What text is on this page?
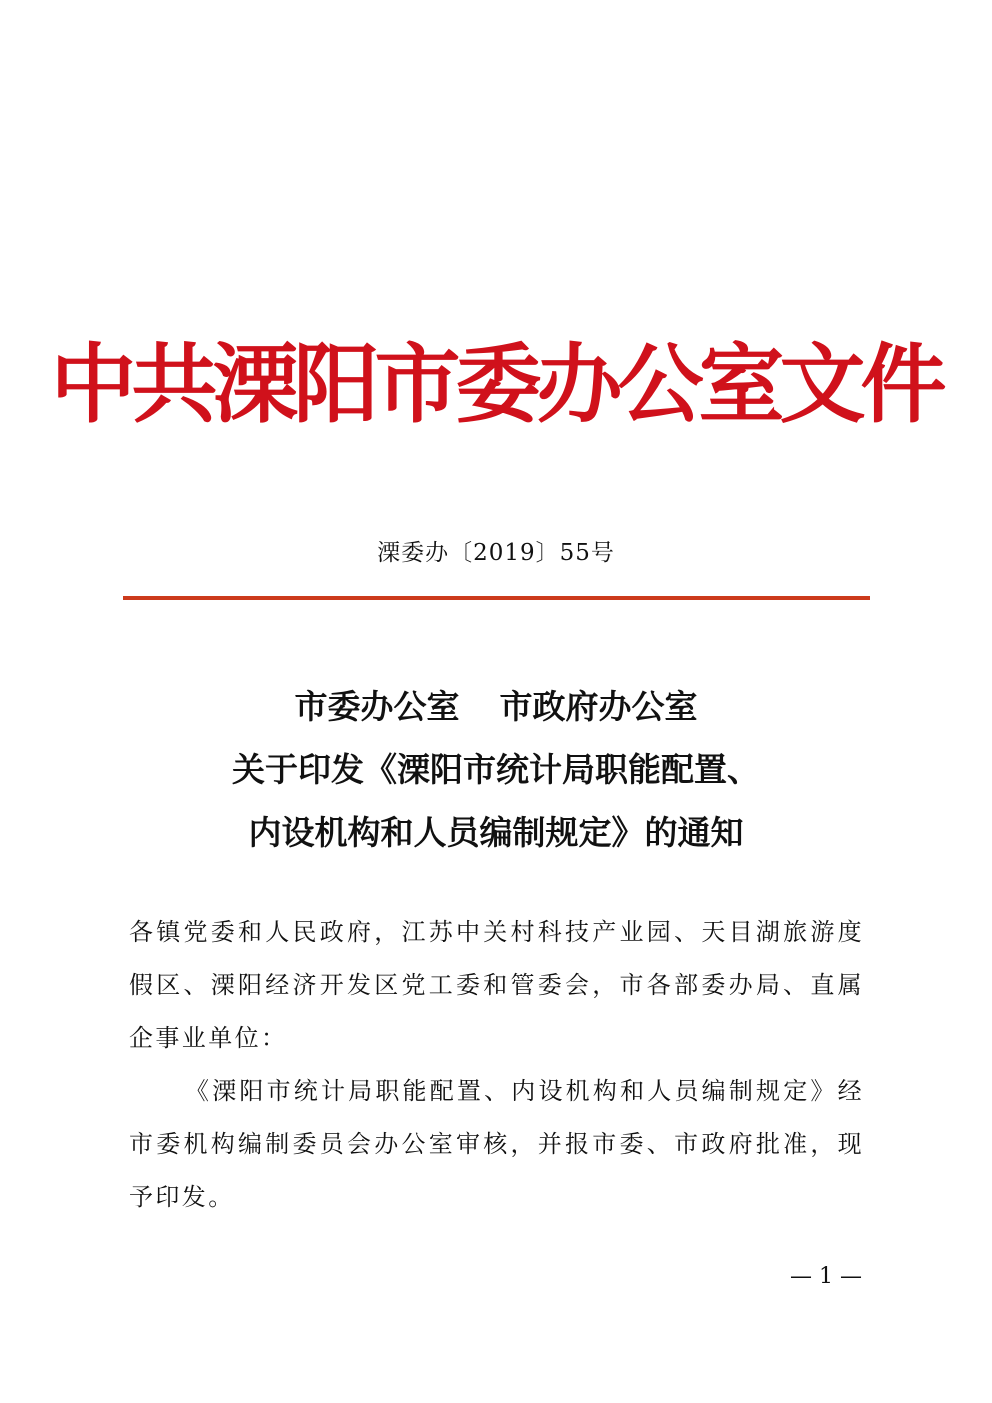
中共溧阳市委办公室文件
溧委办〔2019〕55号
市委办公室 市政府办公室
关于印发《溧阳市统计局职能配置、
内设机构和人员编制规定》的通知

各镇党委和人民政府，江苏中关村科技产业园、天目湖旅游度假区、溧阳经济开发区党工委和管委会，市各部委办局、直属企事业单位：

《溧阳市统计局职能配置、内设机构和人员编制规定》经市委机构编制委员会办公室审核，并报市委、市政府批准，现予印发。

— 1 —
